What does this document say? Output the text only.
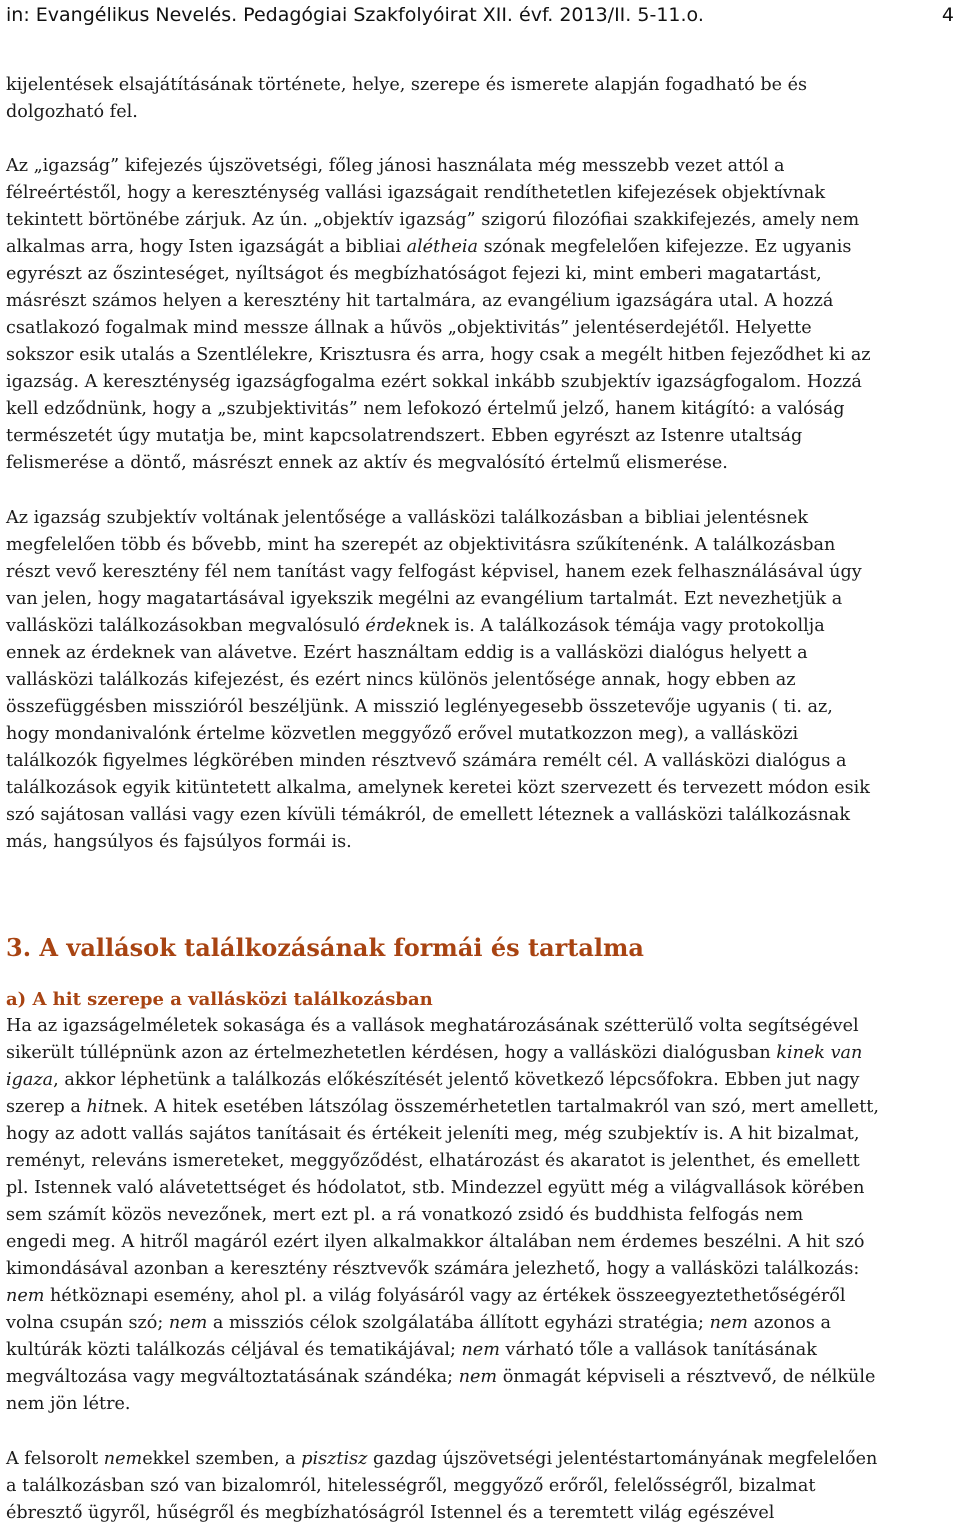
in: Evangélikus Nevelés. Pedagógiai Szakfolyóirat XII. évf. 2013/II. 5-11.o.	4
kijelentések elsajátításának története, helye, szerepe és ismerete alapján fogadható be és
dolgozható fel.
Az „igazság” kifejezés újszövetségi, főleg jánosi használata még messzebb vezet attól a
félreértéstől, hogy a kereszténység vallási igazságait rendíthetetlen kifejezések objektívnak
tekintett börtönébe zárjuk. Az ún. „objektív igazság” szigorú filozófiai szakkifejezés, amely nem
alkalmas arra, hogy Isten igazságát a bibliai alétheia szónak megfelelően kifejezze. Ez ugyanis
egyrészt az őszinteséget, nyíltságot és megbízhatóságot fejezi ki, mint emberi magatartást,
másrészt számos helyen a keresztény hit tartalmára, az evangélium igazságára utal. A hozzá
csatlakozó fogalmak mind messze állnak a hűvös „objektivitás” jelentéserdejétől. Helyette
sokszor esik utalás a Szentlélekre, Krisztusra és arra, hogy csak a megélt hitben fejeződhet ki az
igazság. A kereszténység igazságfogalma ezért sokkal inkább szubjektív igazságfogalom. Hozzá
kell edződnünk, hogy a „szubjektivitás” nem lefokozó értelmű jelző, hanem kitágító: a valóság
természetét úgy mutatja be, mint kapcsolatrendszert. Ebben egyrészt az Istenre utaltság
felismerése a döntő, másrészt ennek az aktív és megvalósító értelmű elismerése.
Az igazság szubjektív voltának jelentősége a vallásközi találkozásban a bibliai jelentésnek
megfelelően több és bővebb, mint ha szerepét az objektivitásra szűkítenénk. A találkozásban
részt vevő keresztény fél nem tanítást vagy felfogást képvisel, hanem ezek felhasználásával úgy
van jelen, hogy magatartásával igyekszik megélni az evangélium tartalmát. Ezt nevezhetjük a
vallásközi találkozásokban megvalósuló érdeknek is. A találkozások témája vagy protokollja
ennek az érdeknek van alávetve. Ezért használtam eddig is a vallásközi dialógus helyett a
vallásközi találkozás kifejezést, és ezért nincs különös jelentősége annak, hogy ebben az
összefüggésben misszióról beszéljünk. A misszió leglényegesebb összetevője ugyanis ( ti. az,
hogy mondanivalónk értelme közvetlen meggyőző erővel mutatkozzon meg), a vallásközi
találkozók figyelmes légkörében minden résztvevő számára remélt cél. A vallásközi dialógus a
találkozások egyik kitüntetett alkalma, amelynek keretei közt szervezett és tervezett módon esik
szó sajátosan vallási vagy ezen kívüli témákról, de emellett léteznek a vallásközi találkozásnak
más, hangsúlyos és fajsúlyos formái is.
3. A vallások találkozásának formái és tartalma
a) A hit szerepe a vallásközi találkozásban
Ha az igazságelméletek sokasága és a vallások meghatározásának szétterülő volta segítségével
sikerült túllépnünk azon az értelmezhetetlen kérdésen, hogy a vallásközi dialógusban kinek van
igaza, akkor léphetünk a találkozás előkészítését jelentő következő lépcsőfokra. Ebben jut nagy
szerep a hitnek. A hitek esetében látszólag összemérhetetlen tartalmakról van szó, mert amellett,
hogy az adott vallás sajátos tanításait és értékeit jeleníti meg, még szubjektív is. A hit bizalmat,
reményt, releváns ismereteket, meggyőződést, elhatározást és akaratot is jelenthet, és emellett
pl. Istennek való alávetettséget és hódolatot, stb. Mindezzel együtt még a világvallások körében
sem számít közös nevezőnek, mert ezt pl. a rá vonatkozó zsidó és buddhista felfogás nem
engedi meg. A hitről magáról ezért ilyen alkalmakkor általában nem érdemes beszélni. A hit szó
kimondásával azonban a keresztény résztvevők számára jelezhető, hogy a vallásközi találkozás:
nem hétköznapi esemény, ahol pl. a világ folyásáról vagy az értékek összeegyeztethetőségéről
volna csupán szó; nem a missziós célok szolgálatába állított egyházi stratégia; nem azonos a
kultúrák közti találkozás céljával és tematikájával; nem várható tőle a vallások tanításának
megváltozása vagy megváltoztatásának szándéka; nem önmagát képviseli a résztvevő, de nélküle
nem jön létre.
A felsorolt nemekkel szemben, a pisztisz gazdag újszövetségi jelentéstartományának megfelelően
a találkozásban szó van bizalomról, hitelességről, meggyőző erőről, felelősségről, bizalmat
ébresztő ügyről, hűségről és megbízhatóságról Istennel és a teremtett világ egészével
